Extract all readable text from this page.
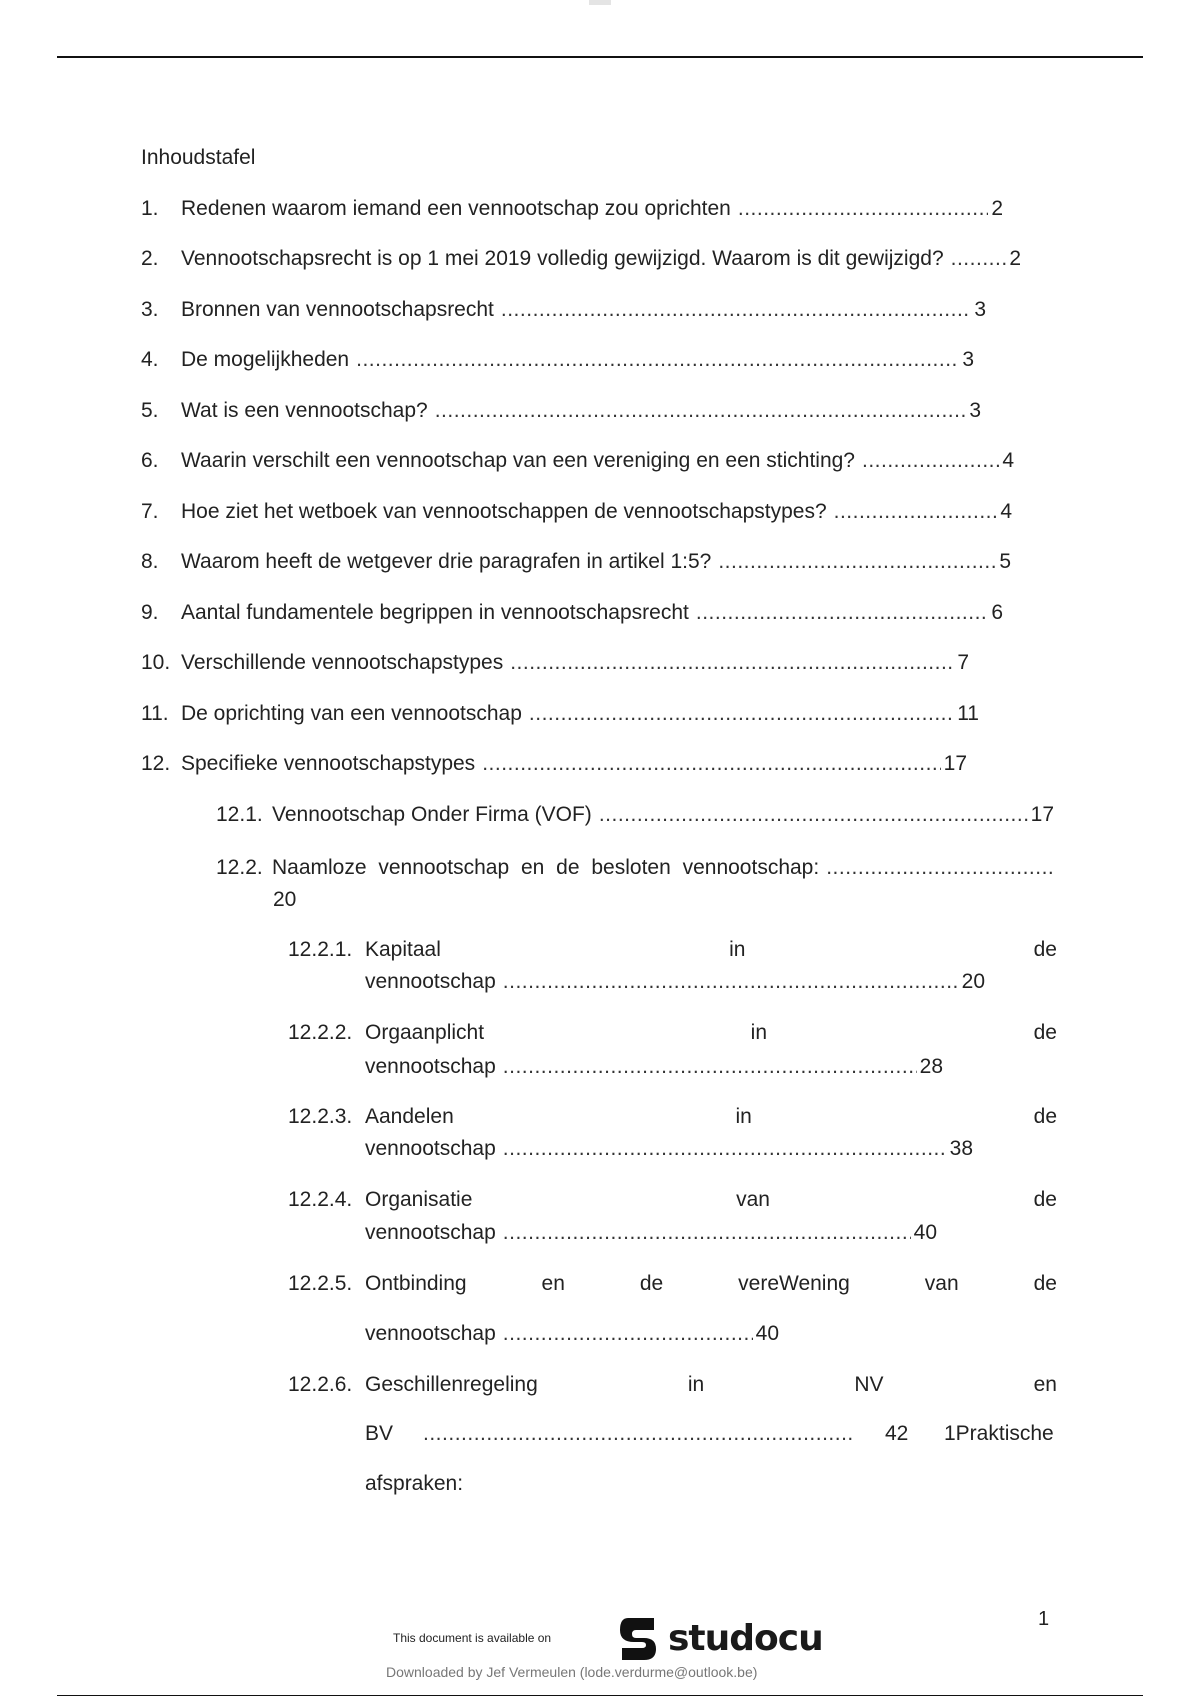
Inhoudstafel
1.	Redenen waarom iemand een vennootschap zou oprichten .....	2
2.	Vennootschapsrecht is op 1 mei 2019 volledig gewijzigd. Waarom is dit gewijzigd? .....	2
3.	Bronnen van vennootschapsrecht .....	3
4.	De mogelijkheden .....	3
5.	Wat is een vennootschap? .....	3
6.	Waarin verschilt een vennootschap van een vereniging en een stichting? .....	4
7.	Hoe ziet het wetboek van vennootschappen de vennootschapstypes? .....	4
8.	Waarom heeft de wetgever drie paragrafen in artikel 1:5? .....	5
9.	Aantal fundamentele begrippen in vennootschapsrecht .....	6
10. Verschillende vennootschapstypes .....	7
11. De oprichting van een vennootschap .....	11
12. Specifieke vennootschapstypes .....	17
12.1. Vennootschap Onder Firma (VOF) .....	17
12.2. Naamloze vennootschap en de besloten vennootschap:
.....
20
12.2.1. Kapitaal	in	de
vennootschap .....	20
12.2.2. Orgaanplicht	in	de
vennootschap .....	28
12.2.3. Aandelen	in	de
vennootschap .....	38
12.2.4. Organisatie	van	de
vennootschap .....	40
12.2.5. Ontbinding	en	de	vereWening	van	de
vennootschap .....	40
12.2.6. Geschillenregeling	in	NV	en
BV .....	42 1Praktische
afspraken:
1
This document is available on	studocu
Downloaded by Jef Vermeulen (lode.verdurme@outlook.be)
